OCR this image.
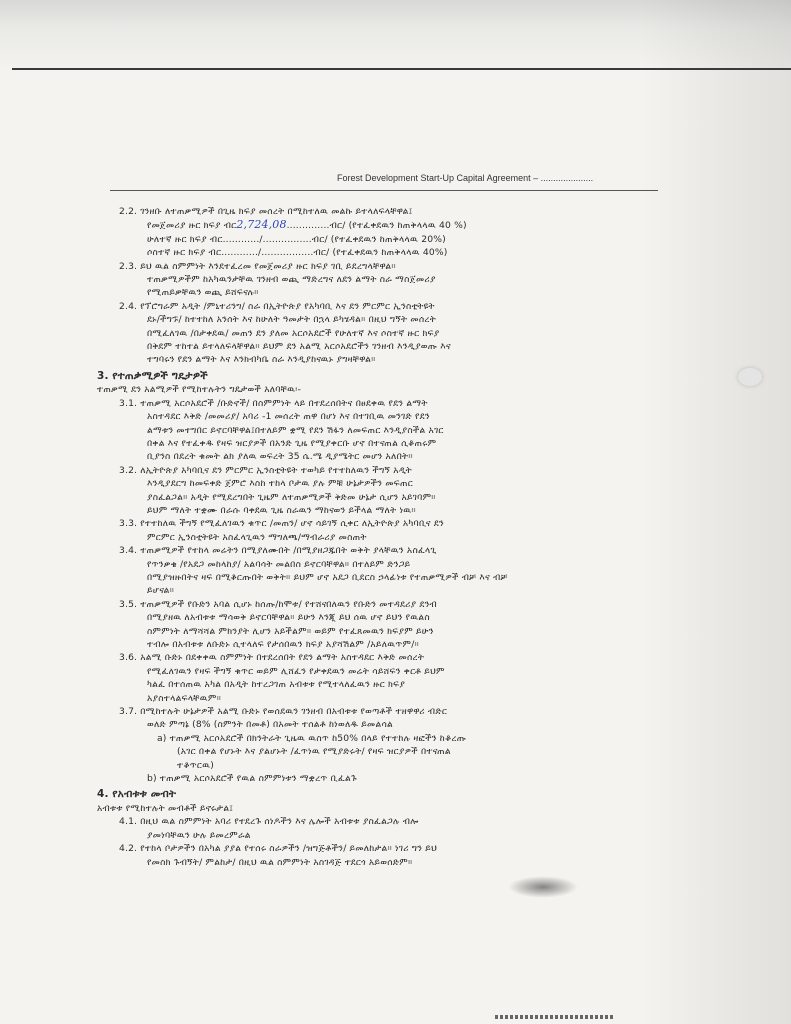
Forest Development Start-Up Capital Agreement – .....................

2.2. ገንዘቡ ለተጠቃሚዎች በጊዜ ክፍያ መሰረት በሚከተለዉ መልኩ ይተላለፍላቸዋል፤

የመጀመሪያ ዙር ክፍያ ብር2,724,08..............ብር/ (የተፈቀደዉን ከጠቅላላዉ 40 %)

ሁለተኛ ዙር ክፍያ ብር............/................ብር/ (የተፈቀደዉን ከጠቅላላዉ 20%)

ሶስተኛ ዙር ክፍያ ብር............/.................ብር/ (የተፈቀደዉን ከጠቅላላዉ 40%)

2.3. ይህ ዉል ስምምነት እንደተፈረመ የመጀመሪያ ዙር ክፍያ ገቢ ይደረግላቸዋል።

ተጠቃሚዎችም ከአካዉንታቸዉ ገንዘብ ወጪ ማድረግና ለደን ልማት ስራ ማስጀመሪያ

የሚጠይቃቸዉን ወጪ ይሸፍናሉ።

2.4. የፕሮግራም አዲት /ምኒተሪንግ/ ስራ በኢትዮጵያ የአካባቢ እና ደን ምርምር ኢንስቲትዩት

ደኑ/ችግኙ/ ከተተከለ አንሰት እና ከሁለት ዓመታት በኋላ ይካሄዳል። በዚህ ግኝት መሰረት

በሚፈለገዉ /በታቀደዉ/ መጠን ደን ያለመ አርሶአደሮች የሁለተኛ እና ሶስተኛ ዙር ክፍያ

በቅደም ተከተል ይተላለፍላቸዋል። ይህም ደን አልሚ አርሶአደሮችን ገንዘብ እንዲያወጡ እና

ተግባሩን የደን ልማት እና እንክብካቤ ስራ እንዲያከናዉኑ ያግዛቸዋል።

3. የተጠቃሚዎች ግዴታዎች

ተጠቃሚ ደን አልሚዎች የሚከተሉትን ግዴታወች አለባቸዉ፡-

3.1. ተጠቃሚ አርሶአደሮች /ቡድኖች/ በስምምነት ላይ በተደረሰበትና በፀደቀዉ የደን ልማት

አስተዳደር እቅድ /መመሪያ/ አባሪ -1 መሰረት ጠዋ በሆነ እና በተገቢዉ መንገድ የደን

ልማቱን መተግበር ይኖርባቸዋል፤በተለይም ቋሚ የደን ሽፋን ለመፍጠር እንዲያስችል አገር

በቀል እና የተፈቀዱ የዛፍ ዝርያዎች በአንድ ጊዜ የሚያቀርቡ ሆኖ በተናጠል ሲቆጠሩም

ቢያንስ በደረት ቁመት ልክ ያለዉ ወፍረት 35 ሴ.ሜ ዲያሜትር መሆን አለበት።

3.2. ለኢትዮጵያ አካባቢና ደን ምርምር ኢንስቲትዩት ተወካይ የተተከለዉን ችግኝ አዲት

እንዲያደርግ ከመፍቀድ ጀምሮ እስከ ተከላ ቦታዉ ያሉ ምቹ ሁኔታዎችን መፍጠር

ያስፈልጋል። አዲት የሚደረግበት ጊዜም ለተጠቃሚዎች ቅድመ ሁኔታ ሲሆን አይገባም።

ይህም ማለት ተቋሙ በራሱ ባቀደዉ ጊዜ ስራዉን ማከናወን ይችላል ማለት ነዉ።

3.3. የተተከለዉ ችግኝ የሚፈለገዉን ቁጥር /መጠን/ ሆኖ ሳይገኝ ሲቀር ለኢትዮጵያ አካባቢና ደን

ምርምር ኢንስቲትዩት አስፈላጊዉን ማግለጫ/ማብራሪያ መስጠት

3.4. ተጠቃሚዎች የተከላ መሬትን በሚያለሙበት /በሚያዘጋጁበት ወቅት ያላቸዉን አስፈላጊ

የጥንቃቄ /የአደጋ መከላከያ/ አልባሳት መልበስ ይኖርባቸዋል። በተለይም ድንጋይ

በሚያዝዙበትና ዛፍ በሚቆርጡበት ወቅት። ይህም ሆኖ አደጋ ቢደርስ ኃላፊነቱ የተጠቃሚዎች ብቻ እና ብቻ

ይሆናል።

3.5. ተጠቃሚዎች የቡድን አባል ሲሆኑ ከሰጡ/ከሞቱ/ የተሸናበለዉን የቡድን መተዳደሪያ ደንብ

በሚያዘዉ ለአብቱቱ ማሳወቅ ይኖርባቸዋል። ይሁን እንጂ ይህ ሰዉ ሆኖ ይህን የዉልስ

ስምምነት ለማሻሻል ምክንያት ሊሆን አይችልም። ወይም የተፈጸመዉን ክፍያም ይሁን

ተብሎ በአብቱቱ ለቡድኑ ሲተላለፍ የታሰበዉን ክፍያ አያሻሽልም /አይለዉጥም/።

3.6. አልሚ ቡድኑ በደቀቀዉ ስምምነት በተደረሰበት የደን ልማት አስተዳደር እቅድ መሰረት

የሚፈለገዉን የዛፍ ችግኝ ቁጥር ወይም ሊሸፈን የታቀደዉን መሬት ሳይሸፍን ቀርቶ ይህም

ካልፈ በተሰጠዉ አካል በአዲት ከተረጋገጠ አብቱቱ የሚተላለፈዉን ዙር ክፍያ

አያስተላልፍላቸዉም።

3.7. በሚከተሉት ሁኔታዎች አልሚ ቡድኑ የወሰደዉን ገንዘብ በአብቱቱ የወጣቶች ተዘዋዋሪ ብድር

ወለድ ምጣኔ (8% (ስምንት በመቶ) በአመት ተሰልቶ ከነወለዱ ይመልሳል

a) ተጠቃሚ አርሶአደሮች በክንትራት ጊዜዉ ዉስጥ ከ50% በላይ የተተከሉ ዛፎችን ከቆረጡ

(አገር በቀል የሆኑት እና ያልሆኑት /ፈጥነዉ የሚያድሩት/ የዛፍ ዝርያዎች በተናጠል

ተቆጥርዉ)

b) ተጠቃሚ አርሶአደሮች የዉል ስምምነቱን ማቋረጥ ቢፈልጉ

4. የአብቱቱ መብት

አብቱቱ የሚከተሉት መብቶች ይኖሩታል፤

4.1. በዚህ ዉል ስምምነት አባሪ የተደረጉ ሰነዶችን እና ሌሎች አብቱቱ ያስፈልጋሉ ብሎ

ያመነባቸዉን ሁሉ ይመረምራል

4.2. የተከላ ቦታዎችን በአካል ያያል የተሰሩ ስራዎችን /ዝግጅቶችን/ ይመለከታል። ነገሪ ግን ይህ

የመስክ ጉብኝት/ ምልከታ/ በዚህ ዉል ስምምነት አስገዳጅ ተደርጎ አይወሰድም።
